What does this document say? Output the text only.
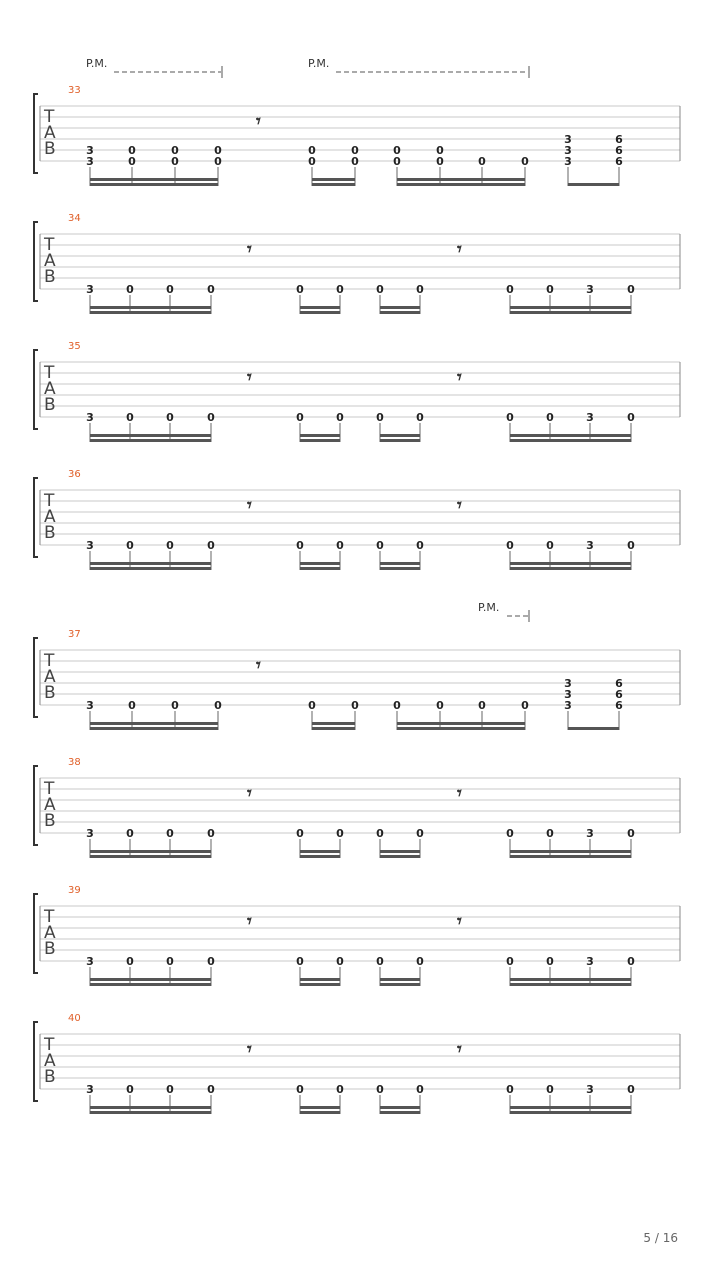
33
T
A
B
P.M.	P.M.
𝄾
3
3
0
0
0
0
0
0
0
0
0
0
0
0
0
0	0	0
3
3
3
6
6
6
34
T
A
B
𝄾	𝄾
3	0	0	0	0	0	0	0	0	0	3	0
35
T
A
B
𝄾	𝄾
3	0	0	0	0	0	0	0	0	0	3	0
36
T
A
B
𝄾	𝄾
3	0	0	0	0	0	0	0	0	0	3	0
37
T
A
B
P.M.
𝄾
3	0	0	0	0	0	0	0	0	0
3
3
3
6
6
6
38
T
A
B
𝄾	𝄾
3	0	0	0	0	0	0	0	0	0	3	0
39
T
A
B
𝄾	𝄾
3	0	0	0	0	0	0	0	0	0	3	0
40
T
A
B
𝄾	𝄾
3	0	0	0	0	0	0	0	0	0	3	0
5 / 16
